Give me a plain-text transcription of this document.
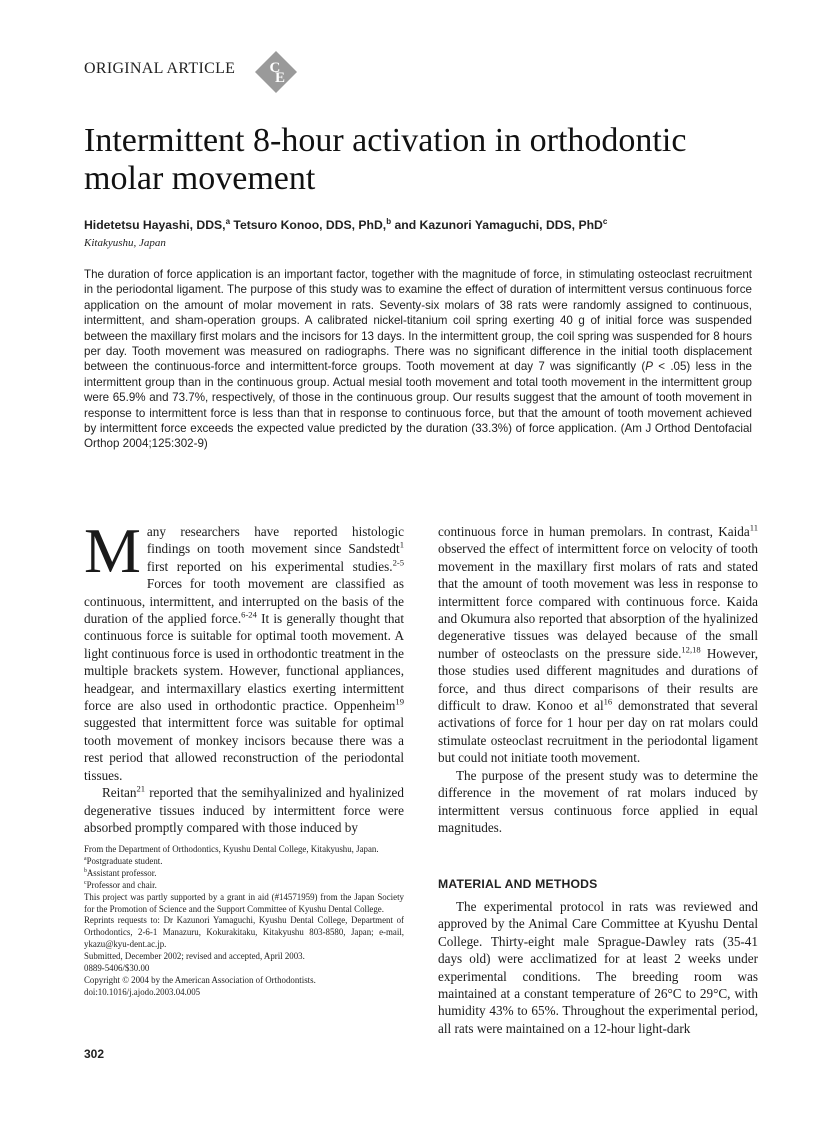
ORIGINAL ARTICLE C
E
Intermittent 8-hour activation in orthodontic molar movement
Hidetetsu Hayashi, DDS,$^a$ Tetsuro Konoo, DDS, PhD,$^b$ and Kazunori Yamaguchi, DDS, PhD$^c$
Kitakyushu, Japan

The duration of force application is an important factor, together with the magnitude of force, in stimulating osteoclast recruitment in the periodontal ligament. The purpose of this study was to examine the effect of duration of intermittent versus continuous force application on the amount of molar movement in rats. Seventy-six molars of 38 rats were randomly assigned to continuous, intermittent, and sham-operation groups. A calibrated nickel-titanium coil spring exerting 40 g of initial force was suspended between the maxillary first molars and the incisors for 13 days. In the intermittent group, the coil spring was suspended for 8 hours per day. Tooth movement was measured on radiographs. There was no significant difference in the initial tooth displacement between the continuous-force and intermittent-force groups. Tooth movement at day 7 was significantly (P < .05) less in the intermittent group than in the continuous group. Actual mesial tooth movement and total tooth movement in the intermittent group were 65.9% and 73.7%, respectively, of those in the continuous group. Our results suggest that the amount of tooth movement in response to intermittent force is less than that in response to continuous force, but that the amount of tooth movement achieved by intermittent force exceeds the expected value predicted by the duration (33.3%) of force application. (Am J Orthod Dentofacial Orthop 2004;125:302-9)

Many researchers have reported histologic findings on tooth movement since Sandstedt$^1$ first reported on his experimental studies.$^{2-5}$ Forces for tooth movement are classified as continuous, intermittent, and interrupted on the basis of the duration of the applied force.$^{6-24}$ It is generally thought that continuous force is suitable for optimal tooth movement. A light continuous force is used in orthodontic treatment in the multiple brackets system. However, functional appliances, headgear, and intermaxillary elastics exerting intermittent force are also used in orthodontic practice. Oppenheim$^{19}$ suggested that intermittent force was suitable for optimal tooth movement of monkey incisors because there was a rest period that allowed reconstruction of the periodontal tissues.

Reitan$^{21}$ reported that the semihyalinized and hyalinized degenerative tissues induced by intermittent force were absorbed promptly compared with those induced by

continuous force in human premolars. In contrast, Kaida$^{11}$ observed the effect of intermittent force on velocity of tooth movement in the maxillary first molars of rats and stated that the amount of tooth movement was less in response to intermittent force compared with continuous force. Kaida and Okumura also reported that absorption of the hyalinized degenerative tissues was delayed because of the small number of osteoclasts on the pressure side.$^{12,18}$ However, those studies used different magnitudes and durations of force, and thus direct comparisons of their results are difficult to draw. Konoo et $al^{16}$ demonstrated that several activations of force for 1 hour per day on rat molars could stimulate osteoclast recruitment in the periodontal ligament but could not initiate tooth movement.

The purpose of the present study was to determine the difference in the movement of rat molars induced by intermittent versus continuous force applied in equal magnitudes.

From the Department of Orthodontics, Kyushu Dental College, Kitakyushu, Japan.
$^a$Postgraduate student.
$^b$Assistant professor.
$^c$Professor and chair.
This project was partly supported by a grant in aid (#14571959) from the Japan Society for the Promotion of Science and the Support Committee of Kyushu Dental College.
Reprints requests to: Dr Kazunori Yamaguchi, Kyushu Dental College, Department of Orthodontics, 2-6-1 Manazuru, Kokurakitaku, Kitakyushu 803-8580, Japan; e-mail, ykazu@kyu-dent.ac.jp.
Submitted, December 2002; revised and accepted, April 2003.
0889-5406/$30.00
Copyright © 2004 by the American Association of Orthodontists.
doi:10.1016/j.ajodo.2003.04.005
MATERIAL AND METHODS

The experimental protocol in rats was reviewed and approved by the Animal Care Committee at Kyushu Dental College. Thirty-eight male Sprague-Dawley rats (35-41 days old) were acclimatized for at least 2 weeks under experimental conditions. The breeding room was maintained at a constant temperature of 26°C to 29°C, with humidity 43% to 65%. Throughout the experimental period, all rats were maintained on a 12-hour light-dark

302
